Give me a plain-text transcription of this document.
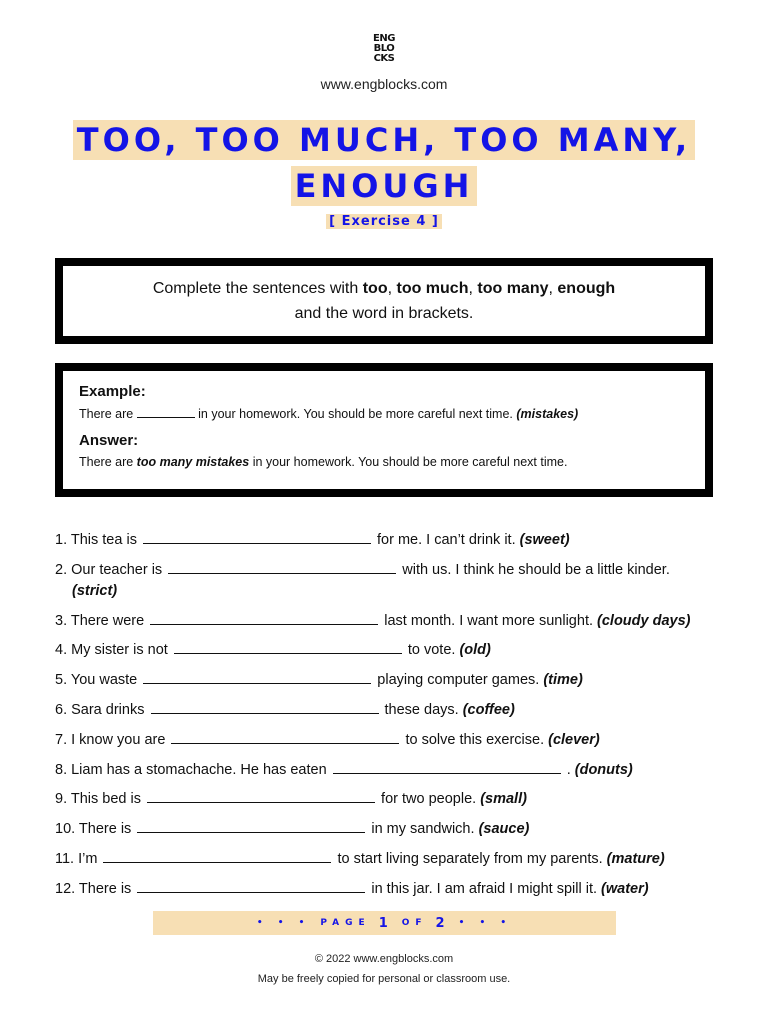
ENG
BLO
CKS
www.engblocks.com
TOO, TOO MUCH, TOO MANY,
ENOUGH
[ Exercise 4 ]
Complete the sentences with too, too much, too many, enough
and the word in brackets.
Example:
There are	in your homework. You should be more careful next time. (mistakes)
Answer:
There are too many mistakes in your homework. You should be more careful next time.
1. This tea is	for me. I can’t drink it. (sweet)
2. Our teacher is	with us. I think he should be a little kinder.
(strict)
3. There were	last month. I want more sunlight. (cloudy days)
4. My sister is not	to vote. (old)
5. You waste	playing computer games. (time)
6. Sara drinks	these days. (coffee)
7. I know you are	to solve this exercise. (clever)
8. Liam has a stomachache. He has eaten	. (donuts)
9. This bed is	for two people. (small)
10. There is	in my sandwich. (sauce)
11. I’m	to start living separately from my parents. (mature)
12. There is	in this jar. I am afraid I might spill it. (water)
• • • PAGE 1 OF 2 • • •
© 2022 www.engblocks.com
May be freely copied for personal or classroom use.
